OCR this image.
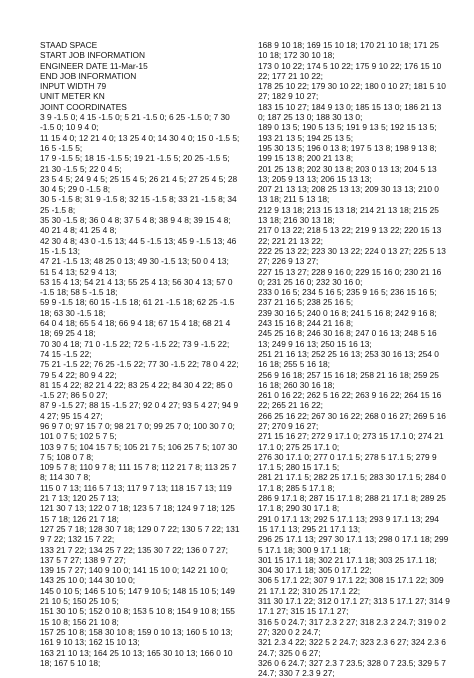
STAAD SPACE
START JOB INFORMATION
ENGINEER DATE 11-Mar-15
END JOB INFORMATION
INPUT WIDTH 79
UNIT METER KN
JOINT COORDINATES
3 9 -1.5 0; 4 15 -1.5 0; 5 21 -1.5 0; 6 25 -1.5 0; 7 30 -1.5 0; 10 9 4 0;
11 15 4 0; 12 21 4 0; 13 25 4 0; 14 30 4 0; 15 0 -1.5 5; 16 5 -1.5 5;
17 9 -1.5 5; 18 15 -1.5 5; 19 21 -1.5 5; 20 25 -1.5 5; 21 30 -1.5 5; 22 0 4 5;
23 5 4 5; 24 9 4 5; 25 15 4 5; 26 21 4 5; 27 25 4 5; 28 30 4 5; 29 0 -1.5 8;
30 5 -1.5 8; 31 9 -1.5 8; 32 15 -1.5 8; 33 21 -1.5 8; 34 25 -1.5 8;
35 30 -1.5 8; 36 0 4 8; 37 5 4 8; 38 9 4 8; 39 15 4 8; 40 21 4 8; 41 25 4 8;
42 30 4 8; 43 0 -1.5 13; 44 5 -1.5 13; 45 9 -1.5 13; 46 15 -1.5 13;
47 21 -1.5 13; 48 25 0 13; 49 30 -1.5 13; 50 0 4 13; 51 5 4 13; 52 9 4 13;
53 15 4 13; 54 21 4 13; 55 25 4 13; 56 30 4 13; 57 0 -1.5 18; 58 5 -1.5 18;
59 9 -1.5 18; 60 15 -1.5 18; 61 21 -1.5 18; 62 25 -1.5 18; 63 30 -1.5 18;
64 0 4 18; 65 5 4 18; 66 9 4 18; 67 15 4 18; 68 21 4 18; 69 25 4 18;
70 30 4 18; 71 0 -1.5 22; 72 5 -1.5 22; 73 9 -1.5 22; 74 15 -1.5 22;
75 21 -1.5 22; 76 25 -1.5 22; 77 30 -1.5 22; 78 0 4 22; 79 5 4 22; 80 9 4 22;
81 15 4 22; 82 21 4 22; 83 25 4 22; 84 30 4 22; 85 0 -1.5 27; 86 5 0 27;
87 9 -1.5 27; 88 15 -1.5 27; 92 0 4 27; 93 5 4 27; 94 9 4 27; 95 15 4 27;
96 9 7 0; 97 15 7 0; 98 21 7 0; 99 25 7 0; 100 30 7 0; 101 0 7 5; 102 5 7 5;
103 9 7 5; 104 15 7 5; 105 21 7 5; 106 25 7 5; 107 30 7 5; 108 0 7 8;
109 5 7 8; 110 9 7 8; 111 15 7 8; 112 21 7 8; 113 25 7 8; 114 30 7 8;
115 0 7 13; 116 5 7 13; 117 9 7 13; 118 15 7 13; 119 21 7 13; 120 25 7 13;
121 30 7 13; 122 0 7 18; 123 5 7 18; 124 9 7 18; 125 15 7 18; 126 21 7 18;
127 25 7 18; 128 30 7 18; 129 0 7 22; 130 5 7 22; 131 9 7 22; 132 15 7 22;
133 21 7 22; 134 25 7 22; 135 30 7 22; 136 0 7 27; 137 5 7 27; 138 9 7 27;
139 15 7 27; 140 9 10 0; 141 15 10 0; 142 21 10 0; 143 25 10 0; 144 30 10 0;
145 0 10 5; 146 5 10 5; 147 9 10 5; 148 15 10 5; 149 21 10 5; 150 25 10 5;
151 30 10 5; 152 0 10 8; 153 5 10 8; 154 9 10 8; 155 15 10 8; 156 21 10 8;
157 25 10 8; 158 30 10 8; 159 0 10 13; 160 5 10 13; 161 9 10 13; 162 15 10 13;
163 21 10 13; 164 25 10 13; 165 30 10 13; 166 0 10 18; 167 5 10 18;
168 9 10 18; 169 15 10 18; 170 21 10 18; 171 25 10 18; 172 30 10 18;
173 0 10 22; 174 5 10 22; 175 9 10 22; 176 15 10 22; 177 21 10 22;
178 25 10 22; 179 30 10 22; 180 0 10 27; 181 5 10 27; 182 9 10 27;
183 15 10 27; 184 9 13 0; 185 15 13 0; 186 21 13 0; 187 25 13 0; 188 30 13 0;
189 0 13 5; 190 5 13 5; 191 9 13 5; 192 15 13 5; 193 21 13 5; 194 25 13 5;
195 30 13 5; 196 0 13 8; 197 5 13 8; 198 9 13 8; 199 15 13 8; 200 21 13 8;
201 25 13 8; 202 30 13 8; 203 0 13 13; 204 5 13 13; 205 9 13 13; 206 15 13 13;
207 21 13 13; 208 25 13 13; 209 30 13 13; 210 0 13 18; 211 5 13 18;
212 9 13 18; 213 15 13 18; 214 21 13 18; 215 25 13 18; 216 30 13 18;
217 0 13 22; 218 5 13 22; 219 9 13 22; 220 15 13 22; 221 21 13 22;
222 25 13 22; 223 30 13 22; 224 0 13 27; 225 5 13 27; 226 9 13 27;
227 15 13 27; 228 9 16 0; 229 15 16 0; 230 21 16 0; 231 25 16 0; 232 30 16 0;
233 0 16 5; 234 5 16 5; 235 9 16 5; 236 15 16 5; 237 21 16 5; 238 25 16 5;
239 30 16 5; 240 0 16 8; 241 5 16 8; 242 9 16 8; 243 15 16 8; 244 21 16 8;
245 25 16 8; 246 30 16 8; 247 0 16 13; 248 5 16 13; 249 9 16 13; 250 15 16 13;
251 21 16 13; 252 25 16 13; 253 30 16 13; 254 0 16 18; 255 5 16 18;
256 9 16 18; 257 15 16 18; 258 21 16 18; 259 25 16 18; 260 30 16 18;
261 0 16 22; 262 5 16 22; 263 9 16 22; 264 15 16 22; 265 21 16 22;
266 25 16 22; 267 30 16 22; 268 0 16 27; 269 5 16 27; 270 9 16 27;
271 15 16 27; 272 9 17.1 0; 273 15 17.1 0; 274 21 17.1 0; 275 25 17.1 0;
276 30 17.1 0; 277 0 17.1 5; 278 5 17.1 5; 279 9 17.1 5; 280 15 17.1 5;
281 21 17.1 5; 282 25 17.1 5; 283 30 17.1 5; 284 0 17.1 8; 285 5 17.1 8;
286 9 17.1 8; 287 15 17.1 8; 288 21 17.1 8; 289 25 17.1 8; 290 30 17.1 8;
291 0 17.1 13; 292 5 17.1 13; 293 9 17.1 13; 294 15 17.1 13; 295 21 17.1 13;
296 25 17.1 13; 297 30 17.1 13; 298 0 17.1 18; 299 5 17.1 18; 300 9 17.1 18;
301 15 17.1 18; 302 21 17.1 18; 303 25 17.1 18; 304 30 17.1 18; 305 0 17.1 22;
306 5 17.1 22; 307 9 17.1 22; 308 15 17.1 22; 309 21 17.1 22; 310 25 17.1 22;
311 30 17.1 22; 312 0 17.1 27; 313 5 17.1 27; 314 9 17.1 27; 315 15 17.1 27;
316 5 0 24.7; 317 2.3 2 27; 318 2.3 2 24.7; 319 0 2 27; 320 0 2 24.7;
321 2.3 4 22; 322 5 2 24.7; 323 2.3 6 27; 324 2.3 6 24.7; 325 0 6 27;
326 0 6 24.7; 327 2.3 7 23.5; 328 0 7 23.5; 329 5 7 24.7; 330 7 2.3 9 27;
